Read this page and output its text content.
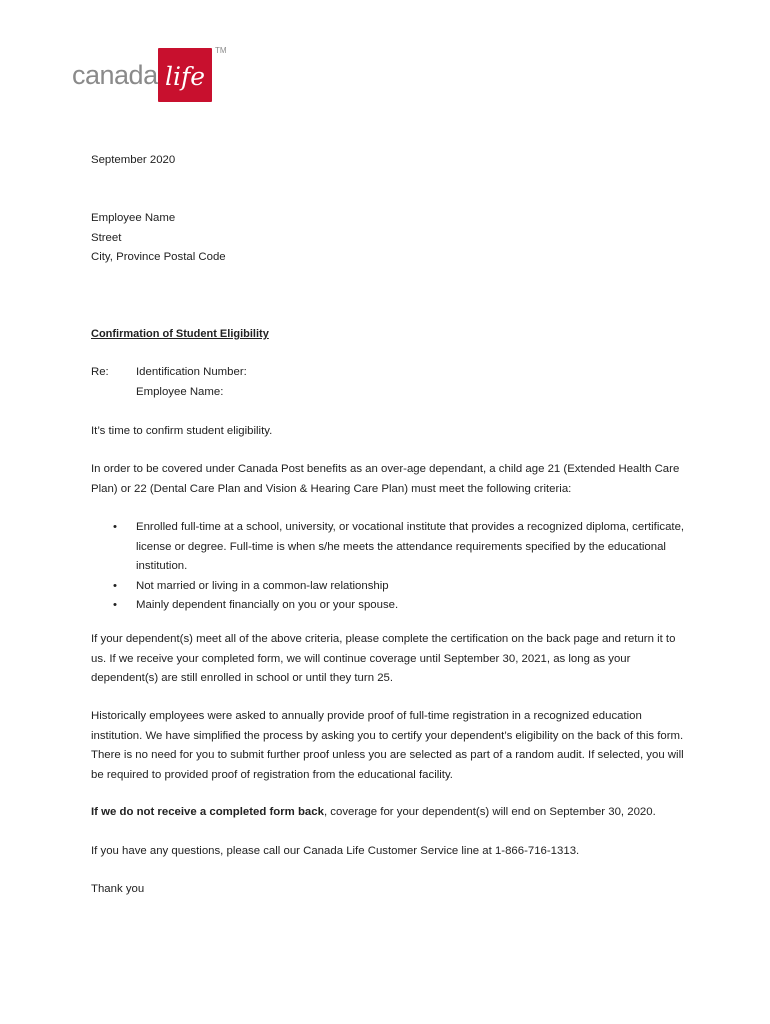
canada life
TM
September 2020
Employee Name
Street
City, Province Postal Code
Confirmation of Student Eligibility
Re: Identification Number:
Employee Name:
It’s time to confirm student eligibility.
In order to be covered under Canada Post benefits as an over-age dependant, a child age 21 (Extended Health Care Plan) or 22 (Dental Care Plan and Vision & Hearing Care Plan) must meet the following criteria:
• Enrolled full-time at a school, university, or vocational institute that provides a recognized diploma, certificate, license or degree. Full-time is when s/he meets the attendance requirements specified by the educational institution.
• Not married or living in a common-law relationship
• Mainly dependent financially on you or your spouse.
If your dependent(s) meet all of the above criteria, please complete the certification on the back page and return it to us. If we receive your completed form, we will continue coverage until September 30, 2021, as long as your dependent(s) are still enrolled in school or until they turn 25.
Historically employees were asked to annually provide proof of full-time registration in a recognized education institution. We have simplified the process by asking you to certify your dependent’s eligibility on the back of this form. There is no need for you to submit further proof unless you are selected as part of a random audit. If selected, you will be required to provided proof of registration from the educational facility.
If we do not receive a completed form back, coverage for your dependent(s) will end on September 30, 2020.
If you have any questions, please call our Canada Life Customer Service line at 1-866-716-1313.
Thank you
